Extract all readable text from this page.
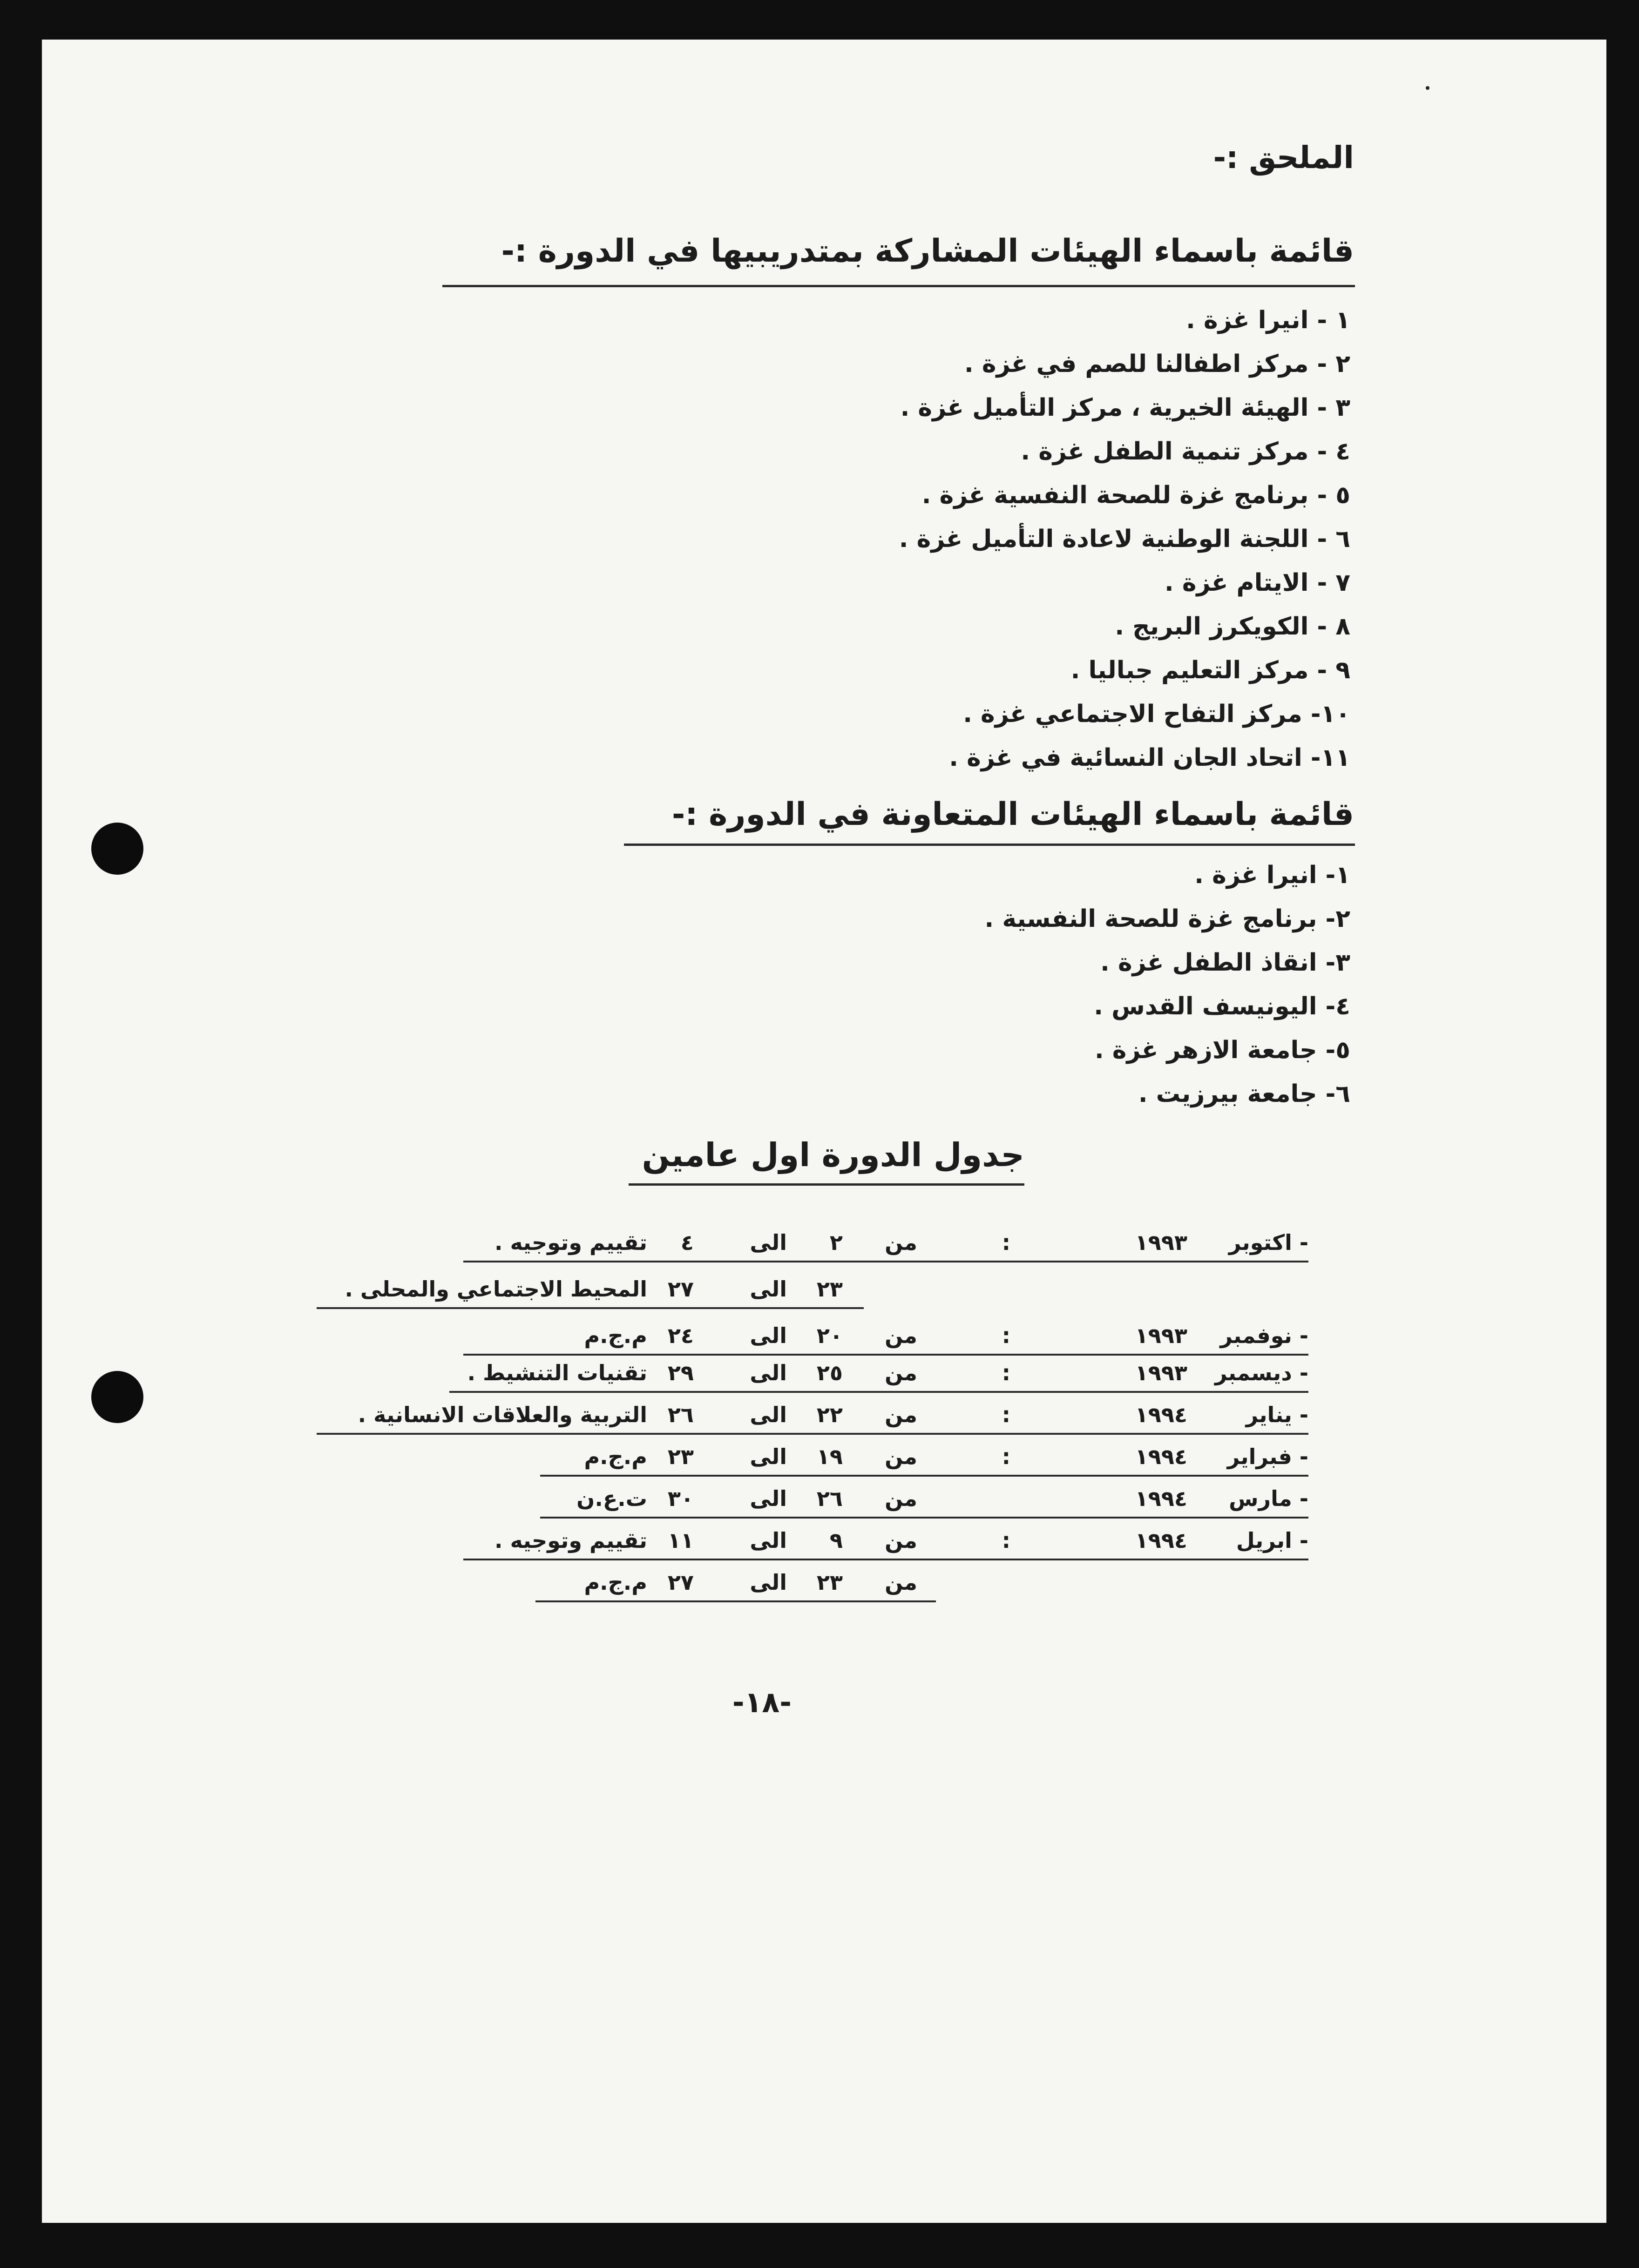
الملحق :-
قائمة باسماء الهيئات المشاركة بمتدريبيها في الدورة :-
١ - انيرا غزة .
٢ - مركز اطفالنا للصم في غزة .
٣ - الهيئة الخيرية ، مركز التأميل غزة .
٤ - مركز تنمية الطفل غزة .
٥ - برنامج غزة للصحة النفسية غزة .
٦ - اللجنة الوطنية لاعادة التأميل غزة .
٧ - الايتام غزة .
٨ - الكويكرز البريج .
٩ - مركز التعليم جباليا .
١٠- مركز التفاح الاجتماعي غزة .
١١- اتحاد الجان النسائية في غزة .
قائمة باسماء الهيئات المتعاونة في الدورة :-
١- انيرا غزة .
٢- برنامج غزة للصحة النفسية .
٣- انقاذ الطفل غزة .
٤- اليونيسف القدس .
٥- جامعة الازهر غزة .
٦- جامعة بيرزيت .
جدول الدورة اول عامين
- اكتوبر
١٩٩٣
:
من
٢
الى
٤
تقييم وتوجيه .
٢٣
الى
٢٧
المحيط الاجتماعي والمحلى .
- نوفمبر
١٩٩٣
:
من
٢٠
الى
٢٤
م.ج.م
- ديسمبر
١٩٩٣
:
من
٢٥
الى
٢٩
تقنيات التنشيط .
- يناير
١٩٩٤
:
من
٢٢
الى
٢٦
التربية والعلاقات الانسانية .
- فبراير
١٩٩٤
:
من
١٩
الى
٢٣
م.ج.م
- مارس
١٩٩٤
من
٢٦
الى
٣٠
ت.ع.ن
- ابريل
١٩٩٤
:
من
٩
الى
١١
تقييم وتوجيه .
من
٢٣
الى
٢٧
م.ج.م
-١٨-
